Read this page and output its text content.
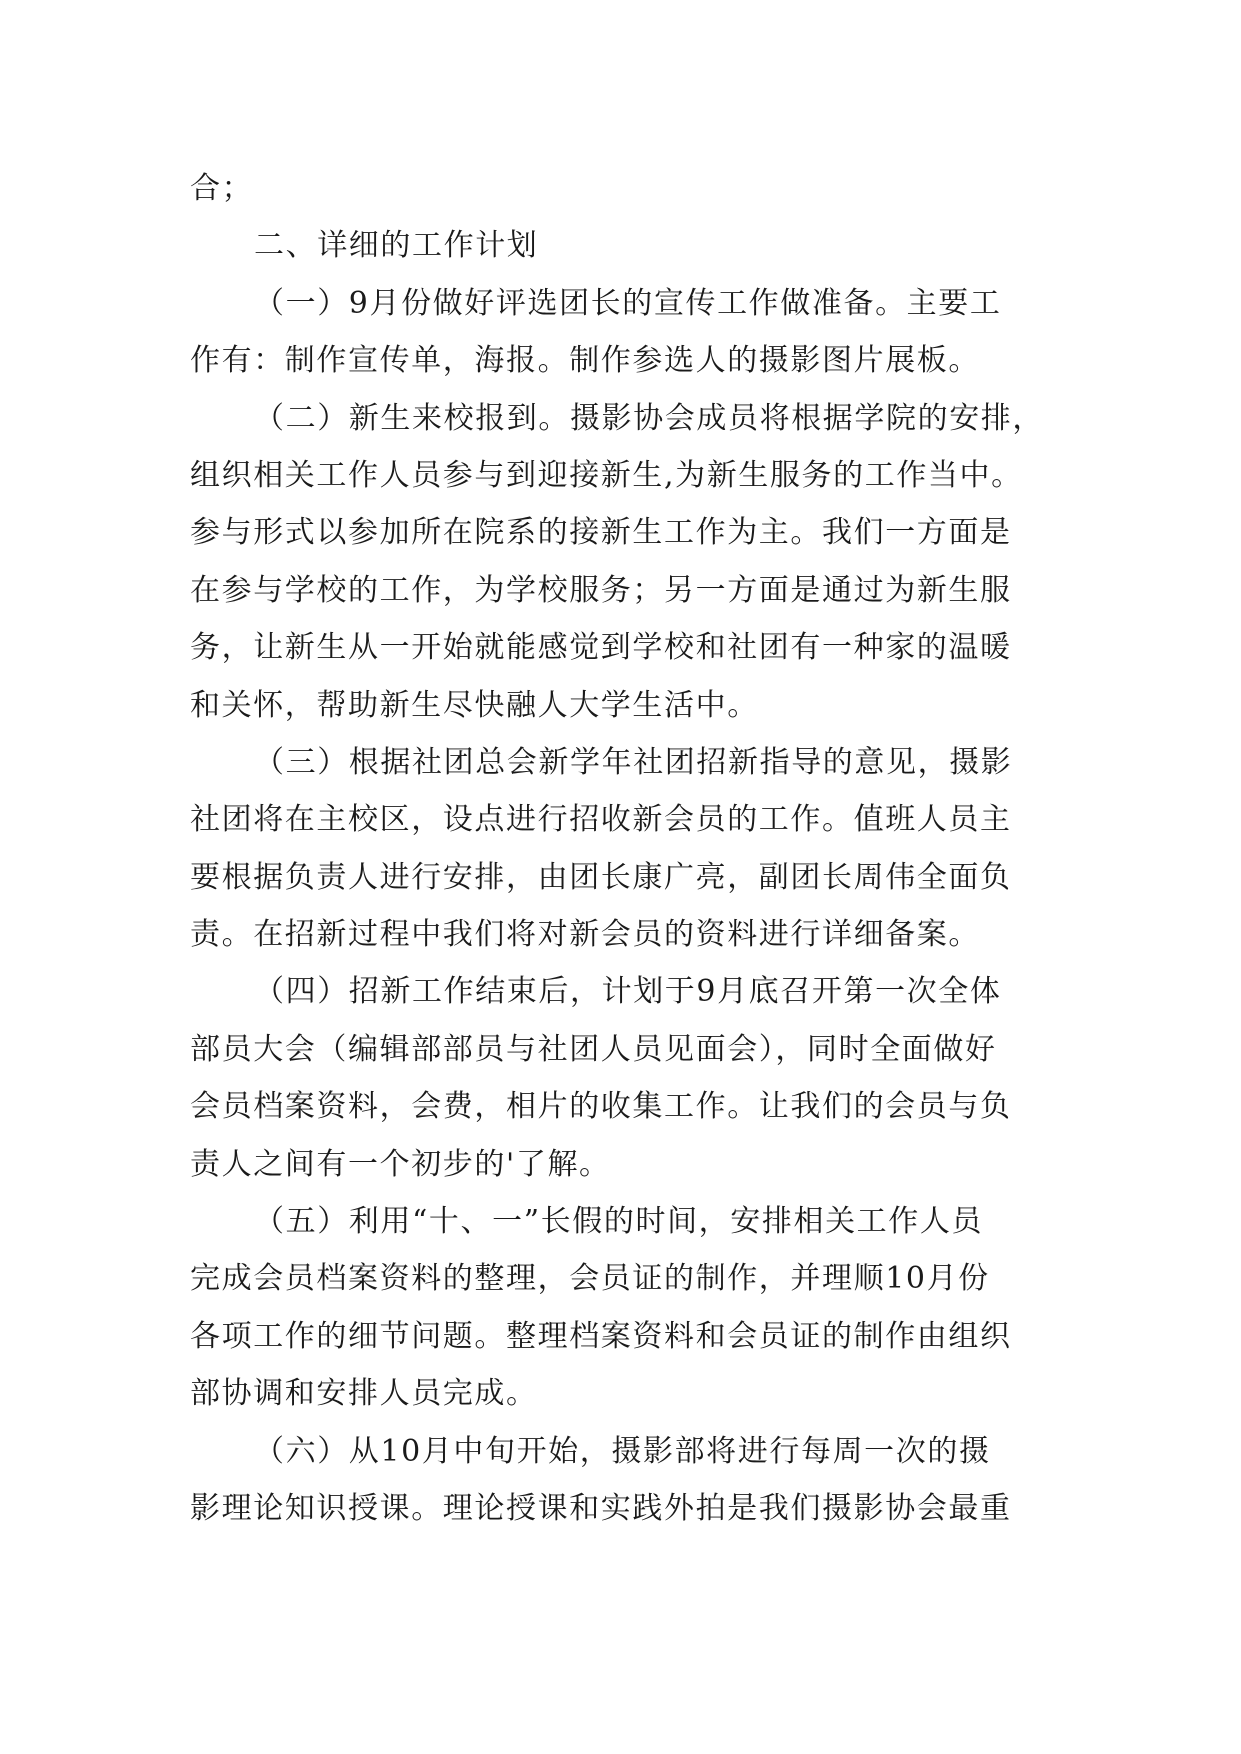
合；
二、详细的工作计划
（一）9月份做好评选团长的宣传工作做准备。主要工
作有：制作宣传单，海报。制作参选人的摄影图片展板。
（二）新生来校报到。摄影协会成员将根据学院的安排，
组织相关工作人员参与到迎接新生,为新生服务的工作当中。
参与形式以参加所在院系的接新生工作为主。我们一方面是
在参与学校的工作，为学校服务；另一方面是通过为新生服
务，让新生从一开始就能感觉到学校和社团有一种家的温暖
和关怀，帮助新生尽快融人大学生活中。
（三）根据社团总会新学年社团招新指导的意见，摄影
社团将在主校区，设点进行招收新会员的工作。值班人员主
要根据负责人进行安排，由团长康广亮，副团长周伟全面负
责。在招新过程中我们将对新会员的资料进行详细备案。
（四）招新工作结束后，计划于9月底召开第一次全体
部员大会（编辑部部员与社团人员见面会），同时全面做好
会员档案资料，会费，相片的收集工作。让我们的会员与负
责人之间有一个初步的'了解。
（五）利用“十、一”长假的时间，安排相关工作人员
完成会员档案资料的整理，会员证的制作，并理顺10月份
各项工作的细节问题。整理档案资料和会员证的制作由组织
部协调和安排人员完成。
（六）从10月中旬开始，摄影部将进行每周一次的摄
影理论知识授课。理论授课和实践外拍是我们摄影协会最重
